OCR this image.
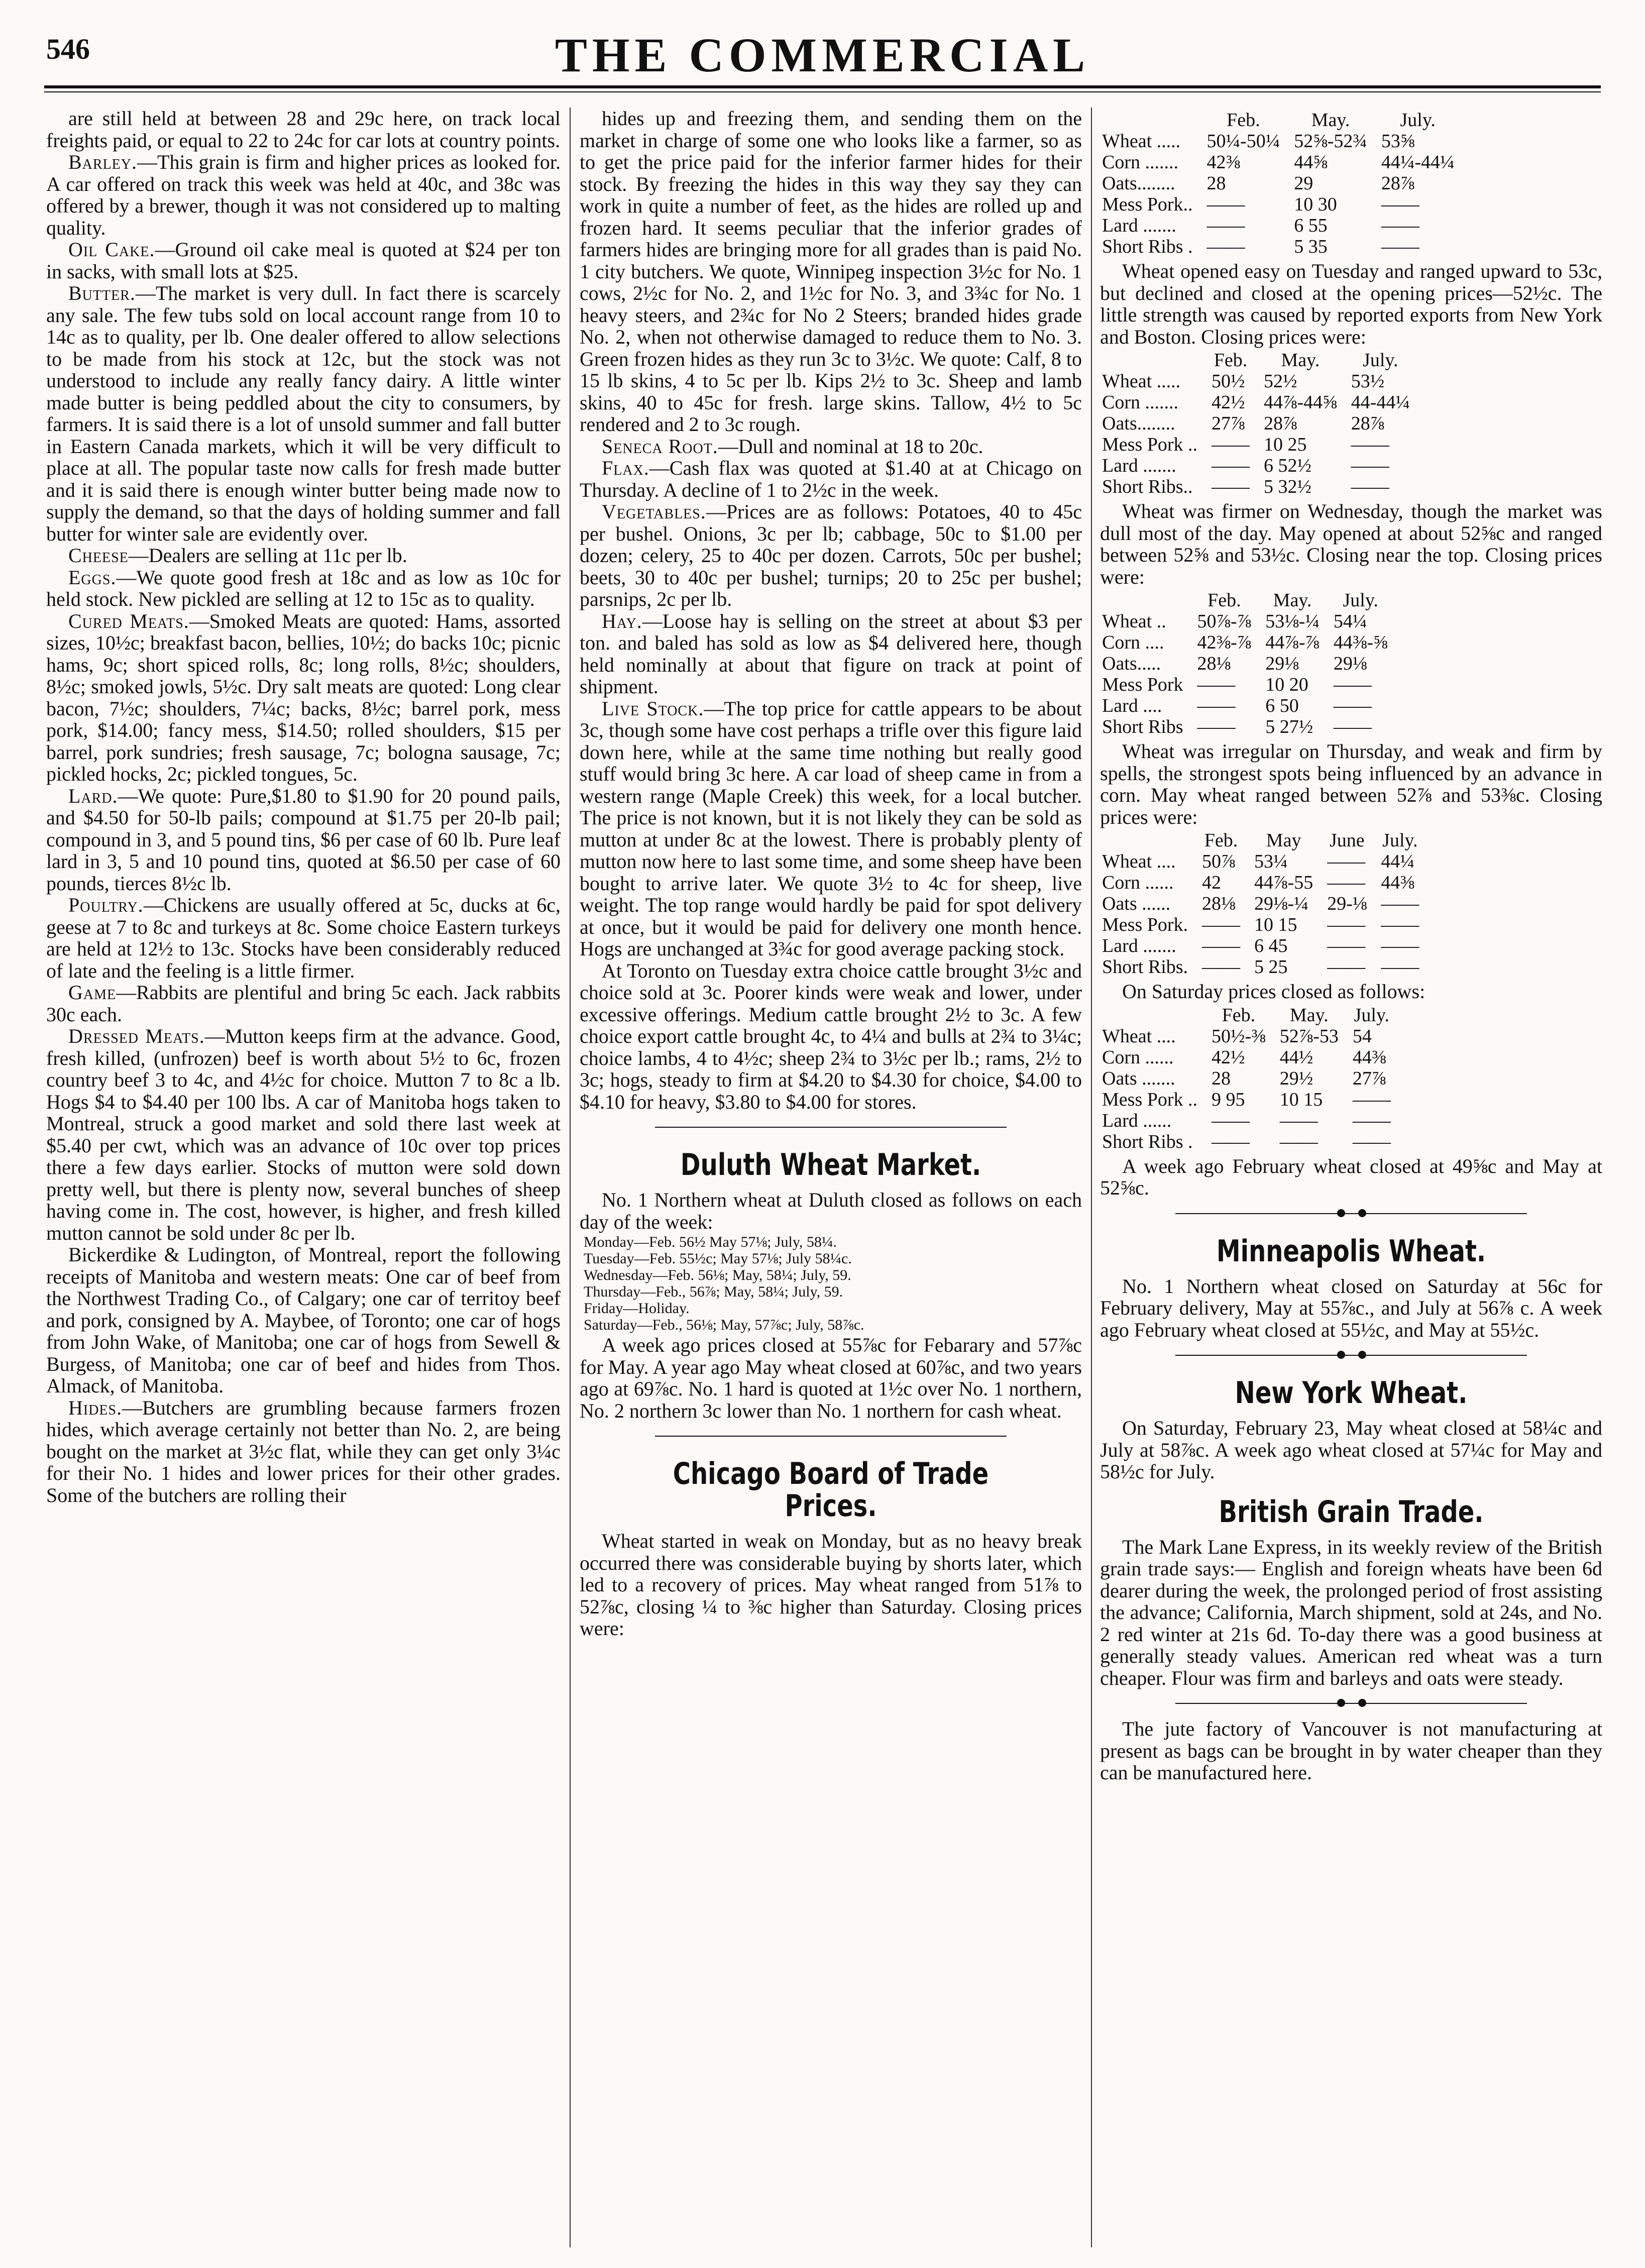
546	THE COMMERCIAL

are still held at between 28 and 29c here, on track local freights paid, or equal to 22 to 24c for car lots at country points.

Barley.—This grain is firm and higher prices as looked for. A car offered on track this week was held at 40c, and 38c was offered by a brewer, though it was not considered up to malting quality.

Oil Cake.—Ground oil cake meal is quoted at $24 per ton in sacks, with small lots at $25.

Butter.—The market is very dull. In fact there is scarcely any sale. The few tubs sold on local account range from 10 to 14c as to quality, per lb. One dealer offered to allow selections to be made from his stock at 12c, but the stock was not understood to include any really fancy dairy. A little winter made butter is being peddled about the city to consumers, by farmers. It is said there is a lot of unsold summer and fall butter in Eastern Canada markets, which it will be very difficult to place at all. The popular taste now calls for fresh made butter and it is said there is enough winter butter being made now to supply the demand, so that the days of holding summer and fall butter for winter sale are evidently over.

Cheese—Dealers are selling at 11c per lb.

Eggs.—We quote good fresh at 18c and as low as 10c for held stock. New pickled are selling at 12 to 15c as to quality.

Cured Meats.—Smoked Meats are quoted: Hams, assorted sizes, 10½c; breakfast bacon, bellies, 10½; do backs 10c; picnic hams, 9c; short spiced rolls, 8c; long rolls, 8½c; shoulders, 8½c; smoked jowls, 5½c. Dry salt meats are quoted: Long clear bacon, 7½c; shoulders, 7¼c; backs, 8½c; barrel pork, mess pork, $14.00; fancy mess, $14.50; rolled shoulders, $15 per barrel, pork sundries; fresh sausage, 7c; bologna sausage, 7c; pickled hocks, 2c; pickled tongues, 5c.

Lard.—We quote: Pure,$1.80 to $1.90 for 20 pound pails, and $4.50 for 50-lb pails; compound at $1.75 per 20-lb pail; compound in 3, and 5 pound tins, $6 per case of 60 lb. Pure leaf lard in 3, 5 and 10 pound tins, quoted at $6.50 per case of 60 pounds, tierces 8½c lb.

Poultry.—Chickens are usually offered at 5c, ducks at 6c, geese at 7 to 8c and turkeys at 8c. Some choice Eastern turkeys are held at 12½ to 13c. Stocks have been considerably reduced of late and the feeling is a little firmer.

Game—Rabbits are plentiful and bring 5c each. Jack rabbits 30c each.

Dressed Meats.—Mutton keeps firm at the advance. Good, fresh killed, (unfrozen) beef is worth about 5½ to 6c, frozen country beef 3 to 4c, and 4½c for choice. Mutton 7 to 8c a lb. Hogs $4 to $4.40 per 100 lbs. A car of Manitoba hogs taken to Montreal, struck a good market and sold there last week at $5.40 per cwt, which was an advance of 10c over top prices there a few days earlier. Stocks of mutton were sold down pretty well, but there is plenty now, several bunches of sheep having come in. The cost, however, is higher, and fresh killed mutton cannot be sold under 8c per lb.

Bickerdike & Ludington, of Montreal, report the following receipts of Manitoba and western meats: One car of beef from the Northwest Trading Co., of Calgary; one car of territoy beef and pork, consigned by A. Maybee, of Toronto; one car of hogs from John Wake, of Manitoba; one car of hogs from Sewell & Burgess, of Manitoba; one car of beef and hides from Thos. Almack, of Manitoba.

Hides.—Butchers are grumbling because farmers frozen hides, which average certainly not better than No. 2, are being bought on the market at 3½c flat, while they can get only 3¼c for their No. 1 hides and lower prices for their other grades. Some of the butchers are rolling their

hides up and freezing them, and sending them on the market in charge of some one who looks like a farmer, so as to get the price paid for the inferior farmer hides for their stock. By freezing the hides in this way they say they can work in quite a number of feet, as the hides are rolled up and frozen hard. It seems peculiar that the inferior grades of farmers hides are bringing more for all grades than is paid No. 1 city butchers. We quote, Winnipeg inspection 3½c for No. 1 cows, 2½c for No. 2, and 1½c for No. 3, and 3¾c for No. 1 heavy steers, and 2¾c for No 2 Steers; branded hides grade No. 2, when not otherwise damaged to reduce them to No. 3. Green frozen hides as they run 3c to 3½c. We quote: Calf, 8 to 15 lb skins, 4 to 5c per lb. Kips 2½ to 3c. Sheep and lamb skins, 40 to 45c for fresh. large skins. Tallow, 4½ to 5c rendered and 2 to 3c rough.

Seneca Root.—Dull and nominal at 18 to 20c.

Flax.—Cash flax was quoted at $1.40 at at Chicago on Thursday. A decline of 1 to 2½c in the week.

Vegetables.—Prices are as follows: Potatoes, 40 to 45c per bushel. Onions, 3c per lb; cabbage, 50c to $1.00 per dozen; celery, 25 to 40c per dozen. Carrots, 50c per bushel; beets, 30 to 40c per bushel; turnips; 20 to 25c per bushel; parsnips, 2c per lb.

Hay.—Loose hay is selling on the street at about $3 per ton. and baled has sold as low as $4 delivered here, though held nominally at about that figure on track at point of shipment.

Live Stock.—The top price for cattle appears to be about 3c, though some have cost perhaps a trifle over this figure laid down here, while at the same time nothing but really good stuff would bring 3c here. A car load of sheep came in from a western range (Maple Creek) this week, for a local butcher. The price is not known, but it is not likely they can be sold as mutton at under 8c at the lowest. There is probably plenty of mutton now here to last some time, and some sheep have been bought to arrive later. We quote 3½ to 4c for sheep, live weight. The top range would hardly be paid for spot delivery at once, but it would be paid for delivery one month hence. Hogs are unchanged at 3¾c for good average packing stock.

At Toronto on Tuesday extra choice cattle brought 3½c and choice sold at 3c. Poorer kinds were weak and lower, under excessive offerings. Medium cattle brought 2½ to 3c. A few choice export cattle brought 4c, to 4¼ and bulls at 2¾ to 3¼c; choice lambs, 4 to 4½c; sheep 2¾ to 3½c per lb.; rams, 2½ to 3c; hogs, steady to firm at $4.20 to $4.30 for choice, $4.00 to $4.10 for heavy, $3.80 to $4.00 for stores.

Duluth Wheat Market.

No. 1 Northern wheat at Duluth closed as follows on each day of the week:

Monday—Feb. 56½ May 57⅛; July, 58¼.
Tuesday—Feb. 55½c; May 57⅛; July 58¼c.
Wednesday—Feb. 56⅛; May, 58¼; July, 59.
Thursday—Feb., 56⅞; May, 58¼; July, 59.
Friday—Holiday.
Saturday—Feb., 56⅛; May, 57⅞c; July, 58⅞c.

A week ago prices closed at 55⅞c for Febarary and 57⅞c for May. A year ago May wheat closed at 60⅞c, and two years ago at 69⅞c. No. 1 hard is quoted at 1½c over No. 1 northern, No. 2 northern 3c lower than No. 1 northern for cash wheat.

Chicago Board of Trade Prices.

Wheat started in weak on Monday, but as no heavy break occurred there was considerable buying by shorts later, which led to a recovery of prices. May wheat ranged from 51⅞ to 52⅞c, closing ¼ to ⅜c higher than Saturday. Closing prices were:

	Feb.	May.	July.
Wheat .....	50¼-50¼	52⅝-52¾	53⅝
Corn .......	42⅜	44⅝	44¼-44¼
Oats........	28	29	28⅞
Mess Pork..	——	10 30	——
Lard .......	——	6 55	——
Short Ribs .	——	5 35	——

Wheat opened easy on Tuesday and ranged upward to 53c, but declined and closed at the opening prices—52½c. The little strength was caused by reported exports from New York and Boston. Closing prices were:

	Feb.	May.	July.
Wheat .....	50½	52½	53½
Corn .......	42½	44⅞-44⅝	44-44¼
Oats........	27⅞	28⅞	28⅞
Mess Pork ..	——	10 25	——
Lard .......	——	6 52½	——
Short Ribs..	——	5 32½	——

Wheat was firmer on Wednesday, though the market was dull most of the day. May opened at about 52⅝c and ranged between 52⅝ and 53½c. Closing near the top. Closing prices were:

	Feb.	May.	July.
Wheat ..	50⅞-⅞	53⅛-¼	54¼
Corn ....	42⅜-⅞	44⅞-⅞	44⅜-⅝
Oats.....	28⅛	29⅛	29⅛
Mess Pork	——	10 20	——
Lard ....	——	6 50	——
Short Ribs	——	5 27½	——

Wheat was irregular on Thursday, and weak and firm by spells, the strongest spots being influenced by an advance in corn. May wheat ranged between 52⅞ and 53⅜c. Closing prices were:

	Feb.	May	June	July.
Wheat ....	50⅞	53¼	——	44¼
Corn ......	42	44⅞-55	——	44⅜
Oats ......	28⅛	29⅛-¼	29-⅛	——
Mess Pork.	——	10 15	——	——
Lard .......	——	6 45	——	——
Short Ribs.	——	5 25	——	——

On Saturday prices closed as follows:

	Feb.	May.	July.
Wheat ....	50½-⅜	52⅞-53	54
Corn ......	42½	44½	44⅜
Oats .......	28	29½	27⅞
Mess Pork ..	9 95	10 15	——
Lard ......	——	——	——
Short Ribs .	——	——	——

A week ago February wheat closed at 49⅝c and May at 52⅝c.

Minneapolis Wheat.

No. 1 Northern wheat closed on Saturday at 56c for February delivery, May at 55⅞c., and July at 56⅞ c. A week ago February wheat closed at 55½c, and May at 55½c.

New York Wheat.

On Saturday, February 23, May wheat closed at 58¼c and July at 58⅞c. A week ago wheat closed at 57¼c for May and 58½c for July.

British Grain Trade.

The Mark Lane Express, in its weekly review of the British grain trade says:— English and foreign wheats have been 6d dearer during the week, the prolonged period of frost assisting the advance; California, March shipment, sold at 24s, and No. 2 red winter at 21s 6d. To-day there was a good business at generally steady values. American red wheat was a turn cheaper. Flour was firm and barleys and oats were steady.

The jute factory of Vancouver is not manufacturing at present as bags can be brought in by water cheaper than they can be manufactured here.
